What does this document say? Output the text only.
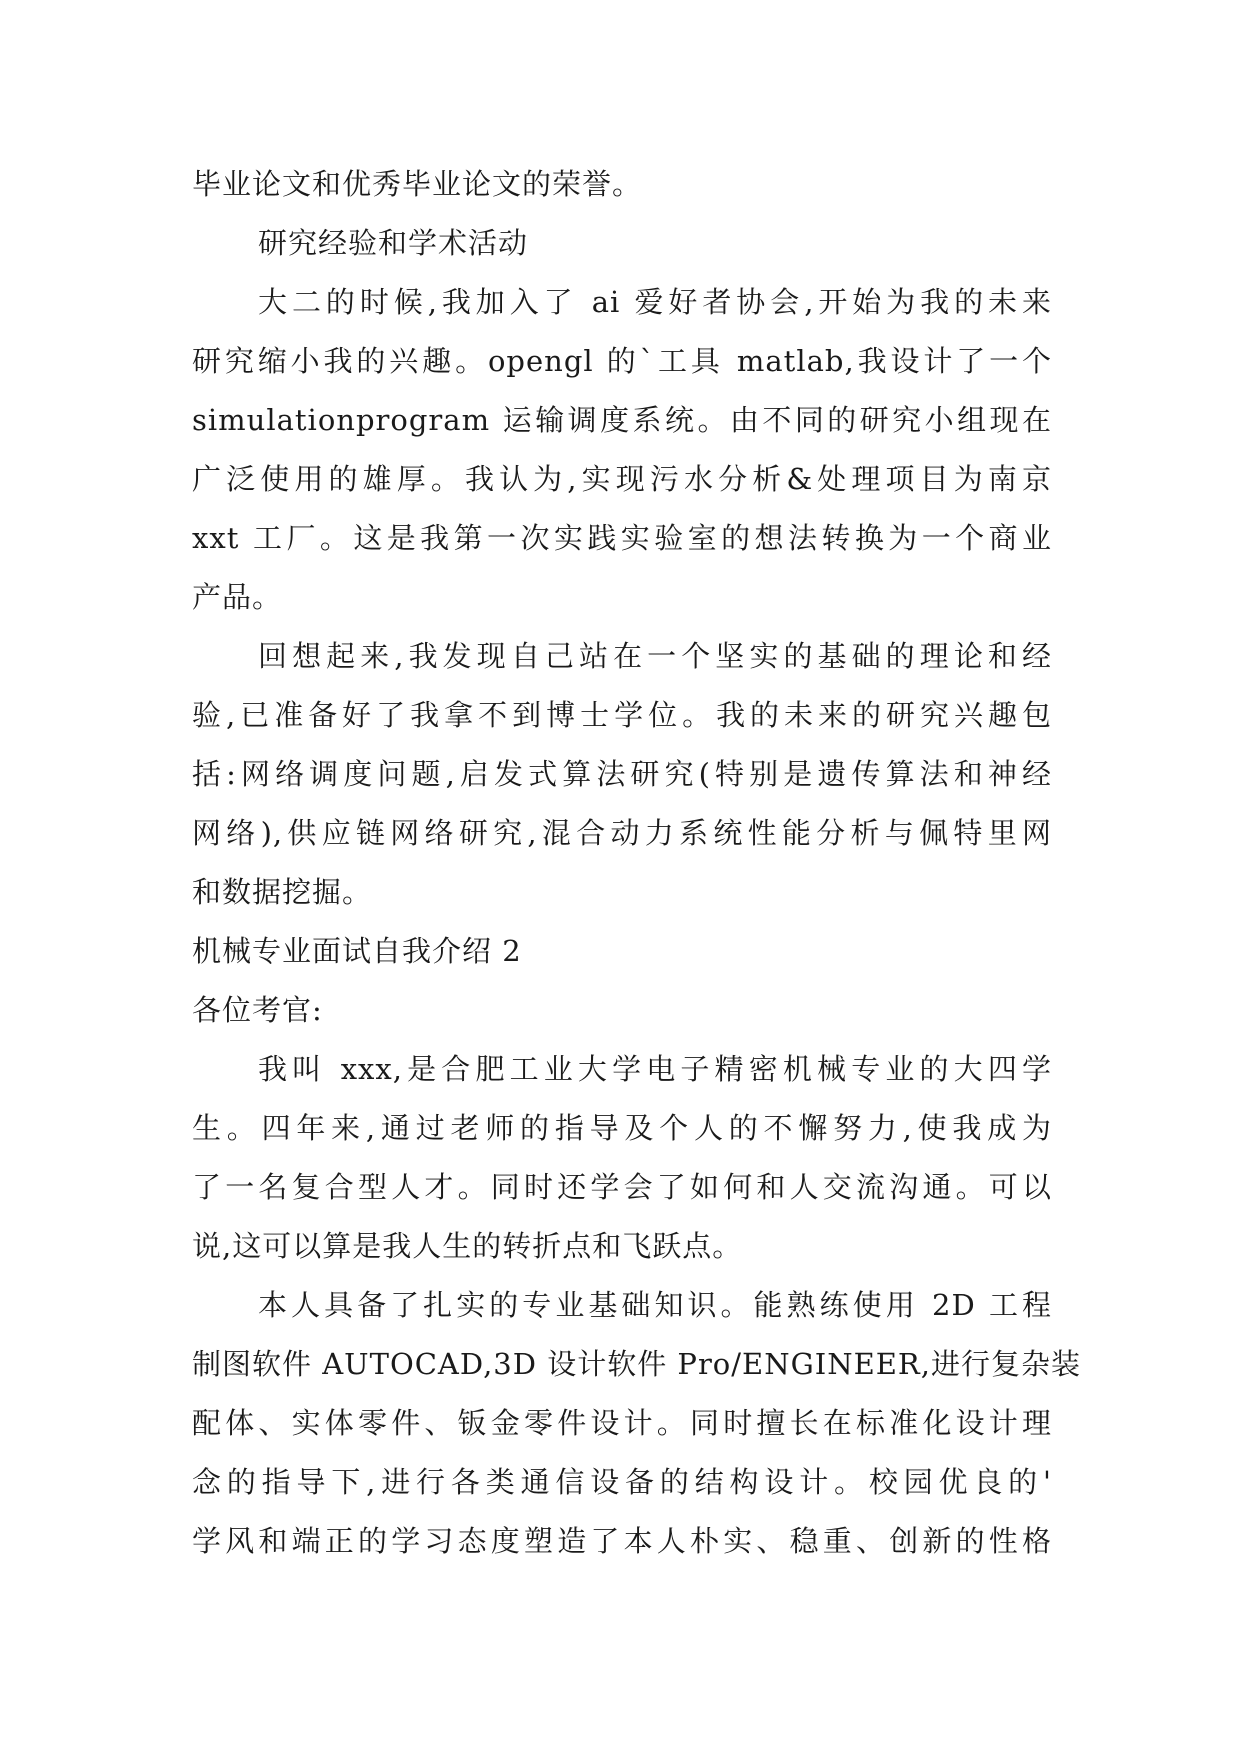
毕业论文和优秀毕业论文的荣誉。
研究经验和学术活动
大二的时候,我加入了 ai 爱好者协会,开始为我的未来
研究缩小我的兴趣。opengl 的`工具 matlab,我设计了一个
simulationprogram 运输调度系统。由不同的研究小组现在
广泛使用的雄厚。我认为,实现污水分析&处理项目为南京
xxt 工厂。这是我第一次实践实验室的想法转换为一个商业
产品。
回想起来,我发现自己站在一个坚实的基础的理论和经
验,已准备好了我拿不到博士学位。我的未来的研究兴趣包
括:网络调度问题,启发式算法研究(特别是遗传算法和神经
网络),供应链网络研究,混合动力系统性能分析与佩特里网
和数据挖掘。
机械专业面试自我介绍 2
各位考官:
我叫 xxx,是合肥工业大学电子精密机械专业的大四学
生。四年来,通过老师的指导及个人的不懈努力,使我成为
了一名复合型人才。同时还学会了如何和人交流沟通。可以
说,这可以算是我人生的转折点和飞跃点。
本人具备了扎实的专业基础知识。能熟练使用 2D 工程
制图软件 AUTOCAD,3D 设计软件 Pro/ENGINEER,进行复杂装
配体、实体零件、钣金零件设计。同时擅长在标准化设计理
念的指导下,进行各类通信设备的结构设计。校园优良的'
学风和端正的学习态度塑造了本人朴实、稳重、创新的性格
